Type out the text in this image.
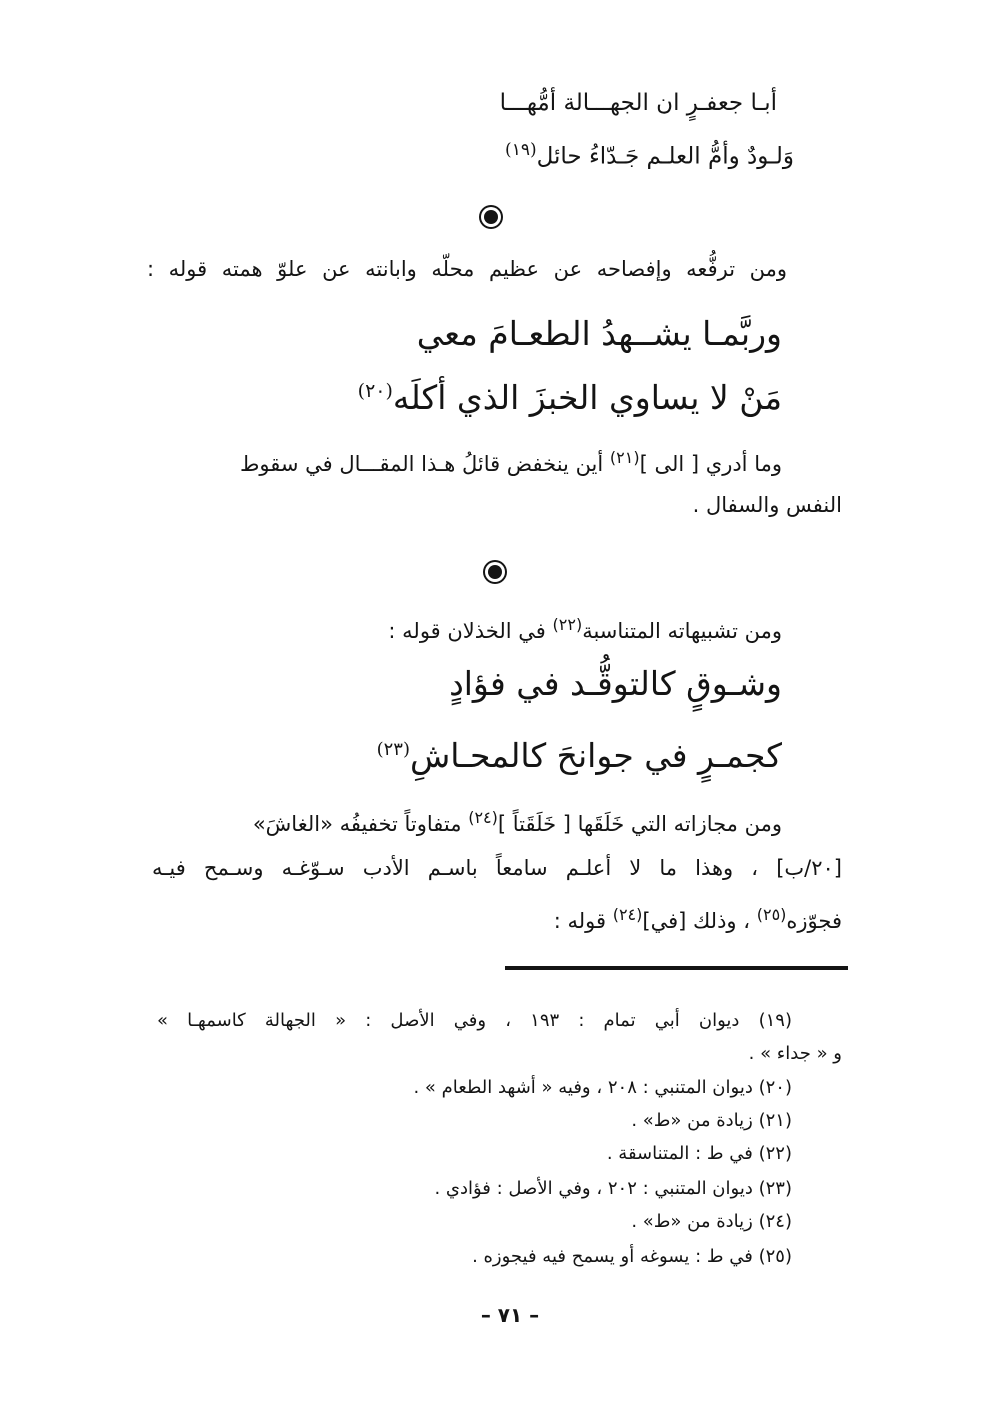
أبـا جعفـرٍ ان الجهـــالة أمُّهـــا
وَلـودٌ وأمُّ العلـم جَـدّاءُ حائل$^{(١٩)}$
ومن ترفُّعه وإفصاحه عن عظيم محلّه وابانته عن علوّ همته قوله :
وربَّمـا يشــهدُ الطعـامَ معي
مَنْ لا يساوي الخبزَ الذي أكلَه$^{(٢٠)}$
وما أدري [ الى ]$^{(٢١)}$ أين ينخفض قائلُ هـذا المقـــال في سقوط
النفس والسفال .
ومن تشبيهاته المتناسبة$^{(٢٢)}$ في الخذلان قوله :
وشـوقٍ كالتوقُّـد في فؤادٍ
كجمـرٍ في جوانحَ كالمحـاشِ$^{(٢٣)}$
ومن مجازاته التي خَلَقَها [ خَلَقَتاً ]$^{(٢٤)}$ متفاوتاً تخفيفُه «الغاشَ»
[٢٠/ب] ، وهذا ما لا أعلـم سامعاً باسـم الأدب سـوّغـه وسـمح فيـه
فجوّزه$^{(٢٥)}$ ، وذلك [في]$^{(٢٤)}$ قوله :
(١٩) ديوان أبي تمام : ١٩٣ ، وفي الأصل : « الجهالة كاسمهـا »
و « جداء » .
(٢٠) ديوان المتنبي : ٢٠٨ ، وفيه « أشهد الطعام » .
(٢١) زيادة من «ط» .
(٢٢) في ط : المتناسقة .
(٢٣) ديوان المتنبي : ٢٠٢ ، وفي الأصل : فؤادي .
(٢٤) زيادة من «ط» .
(٢٥) في ط : يسوغه أو يسمح فيه فيجوزه .
– ٧١ –
